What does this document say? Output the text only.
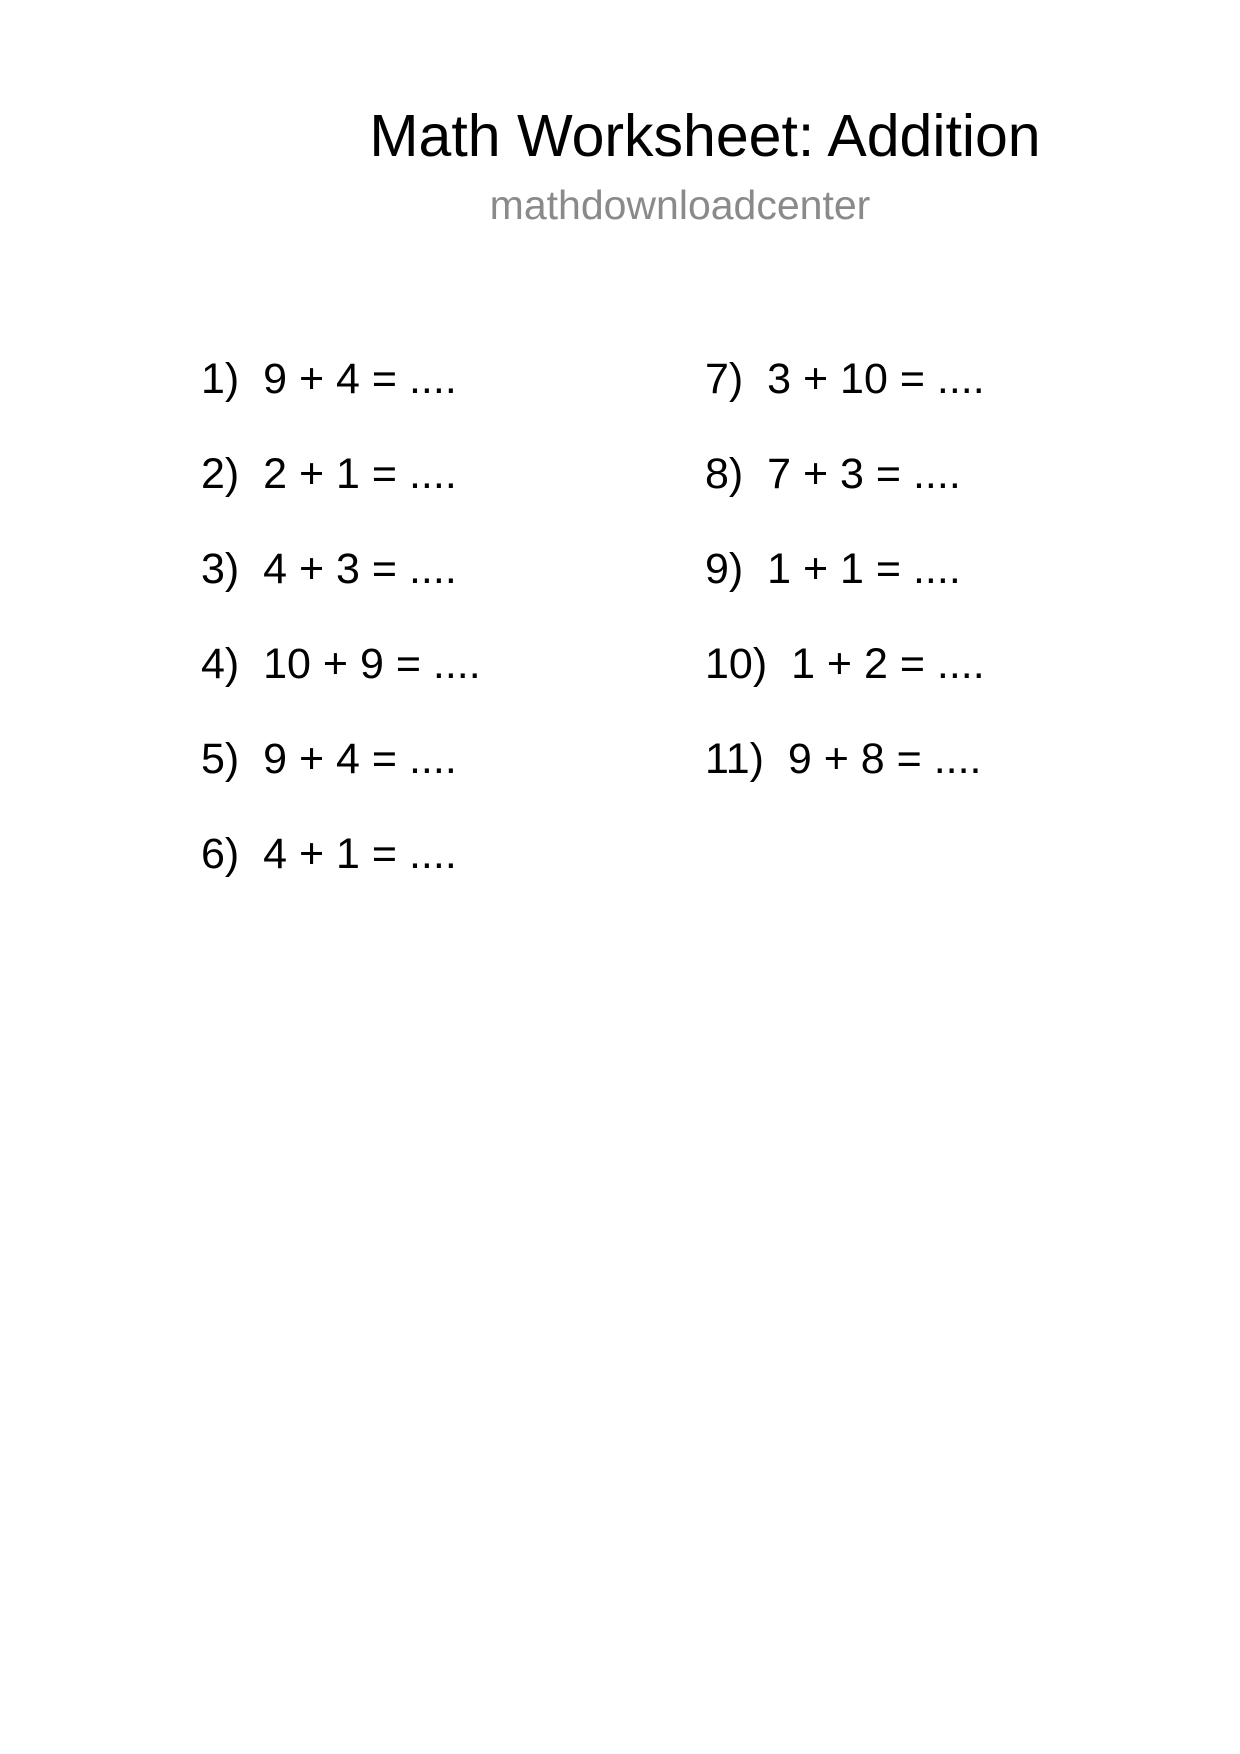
Math Worksheet: Addition
mathdownloadcenter
1) 9 + 4 = ....
2) 2 + 1 = ....
3) 4 + 3 = ....
4) 10 + 9 = ....
5) 9 + 4 = ....
6) 4 + 1 = ....
7) 3 + 10 = ....
8) 7 + 3 = ....
9) 1 + 1 = ....
10) 1 + 2 = ....
11) 9 + 8 = ....
